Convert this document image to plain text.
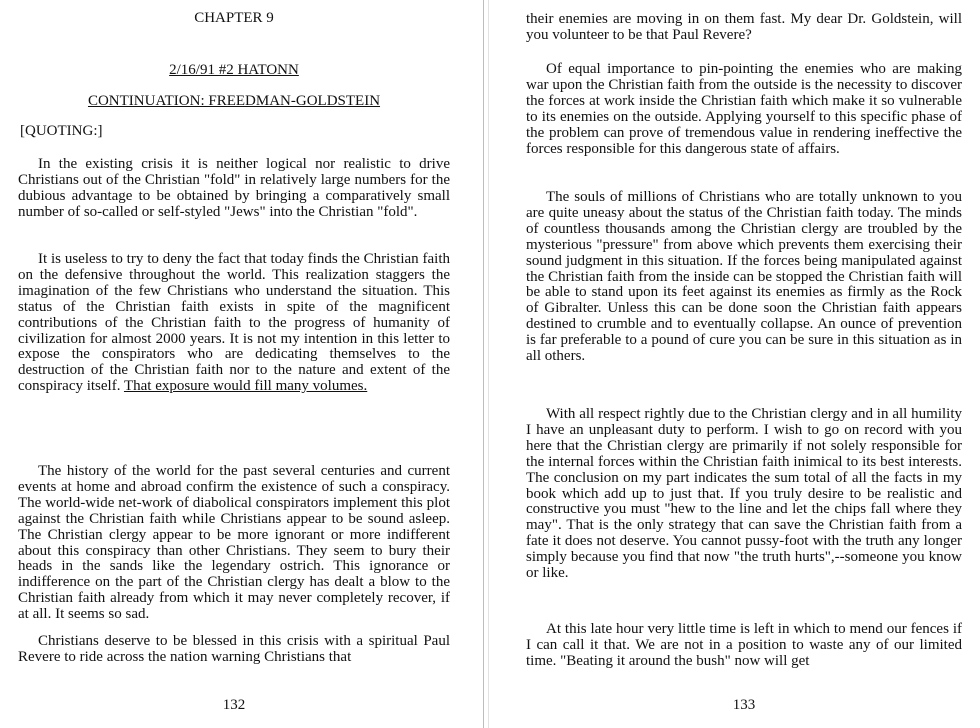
CHAPTER 9
2/16/91 #2 HATONN
CONTINUATION: FREEDMAN-GOLDSTEIN
[QUOTING:]

In the existing crisis it is neither logical nor realistic to drive Christians out of the Christian "fold" in relatively large numbers for the dubious advantage to be obtained by bringing a comparatively small number of so-called or self-styled "Jews" into the Christian "fold".

It is useless to try to deny the fact that today finds the Christian faith on the defensive throughout the world. This realization staggers the imagination of the few Christians who understand the situation. This status of the Christian faith exists in spite of the magnificent contributions of the Christian faith to the progress of humanity of civilization for almost 2000 years. It is not my intention in this letter to expose the conspirators who are dedicating themselves to the destruction of the Christian faith nor to the nature and extent of the conspiracy itself. That exposure would fill many volumes.

The history of the world for the past several centuries and current events at home and abroad confirm the existence of such a conspiracy. The world-wide net-work of diabolical conspirators implement this plot against the Christian faith while Christians appear to be sound asleep. The Christian clergy appear to be more ignorant or more indifferent about this conspiracy than other Christians. They seem to bury their heads in the sands like the legendary ostrich. This ignorance or indifference on the part of the Christian clergy has dealt a blow to the Christian faith already from which it may never completely recover, if at all. It seems so sad.

Christians deserve to be blessed in this crisis with a spiritual Paul Revere to ride across the nation warning Christians that

132

their enemies are moving in on them fast. My dear Dr. Goldstein, will you volunteer to be that Paul Revere?

Of equal importance to pin-pointing the enemies who are making war upon the Christian faith from the outside is the necessity to discover the forces at work inside the Christian faith which make it so vulnerable to its enemies on the outside. Applying yourself to this specific phase of the problem can prove of tremendous value in rendering ineffective the forces responsible for this dangerous state of affairs.

The souls of millions of Christians who are totally unknown to you are quite uneasy about the status of the Christian faith today. The minds of countless thousands among the Christian clergy are troubled by the mysterious "pressure" from above which prevents them exercising their sound judgment in this situation. If the forces being manipulated against the Christian faith from the inside can be stopped the Christian faith will be able to stand upon its feet against its enemies as firmly as the Rock of Gibralter. Unless this can be done soon the Christian faith appears destined to crumble and to eventually collapse. An ounce of prevention is far preferable to a pound of cure you can be sure in this situation as in all others.

With all respect rightly due to the Christian clergy and in all humility I have an unpleasant duty to perform. I wish to go on record with you here that the Christian clergy are primarily if not solely responsible for the internal forces within the Christian faith inimical to its best interests. The conclusion on my part indicates the sum total of all the facts in my book which add up to just that. If you truly desire to be realistic and constructive you must "hew to the line and let the chips fall where they may". That is the only strategy that can save the Christian faith from a fate it does not deserve. You cannot pussy-foot with the truth any longer simply because you find that now "the truth hurts",--someone you know or like.

At this late hour very little time is left in which to mend our fences if I can call it that. We are not in a position to waste any of our limited time. "Beating it around the bush" now will get

133
